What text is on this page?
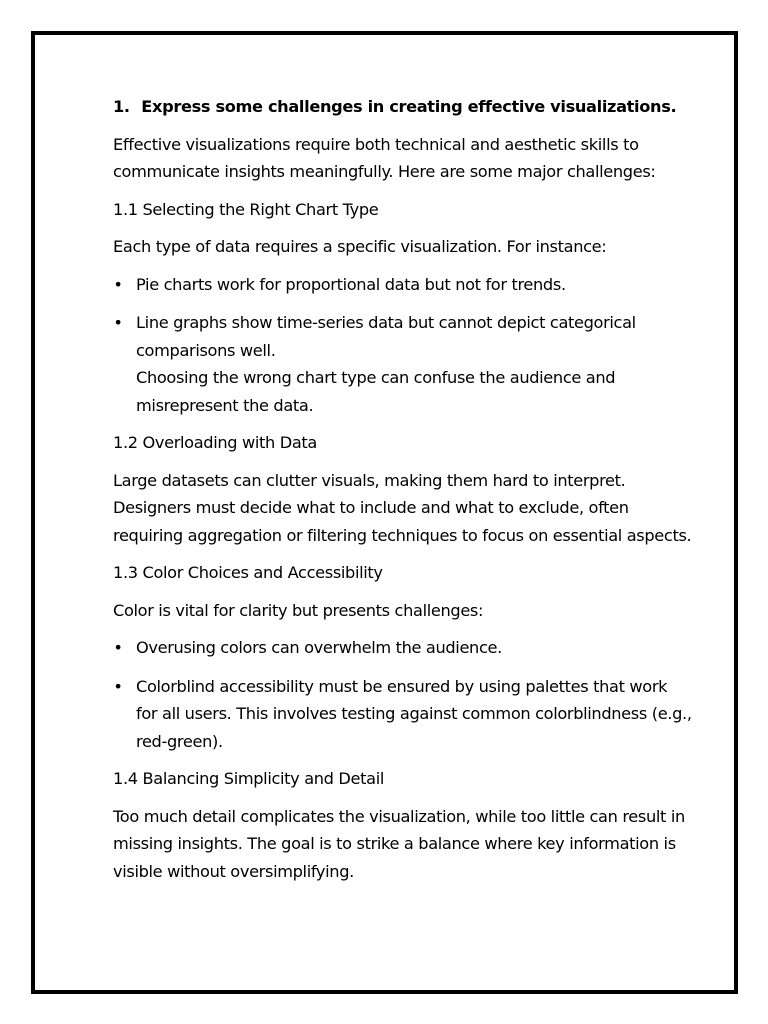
1. Express some challenges in creating effective visualizations.

Effective visualizations require both technical and aesthetic skills to communicate insights meaningfully. Here are some major challenges:

1.1 Selecting the Right Chart Type

Each type of data requires a specific visualization. For instance:

• Pie charts work for proportional data but not for trends.
• Line graphs show time-series data but cannot depict categorical comparisons well.
Choosing the wrong chart type can confuse the audience and misrepresent the data.

1.2 Overloading with Data

Large datasets can clutter visuals, making them hard to interpret. Designers must decide what to include and what to exclude, often requiring aggregation or filtering techniques to focus on essential aspects.

1.3 Color Choices and Accessibility

Color is vital for clarity but presents challenges:

• Overusing colors can overwhelm the audience.
• Colorblind accessibility must be ensured by using palettes that work for all users. This involves testing against common colorblindness (e.g., red-green).

1.4 Balancing Simplicity and Detail

Too much detail complicates the visualization, while too little can result in missing insights. The goal is to strike a balance where key information is visible without oversimplifying.
